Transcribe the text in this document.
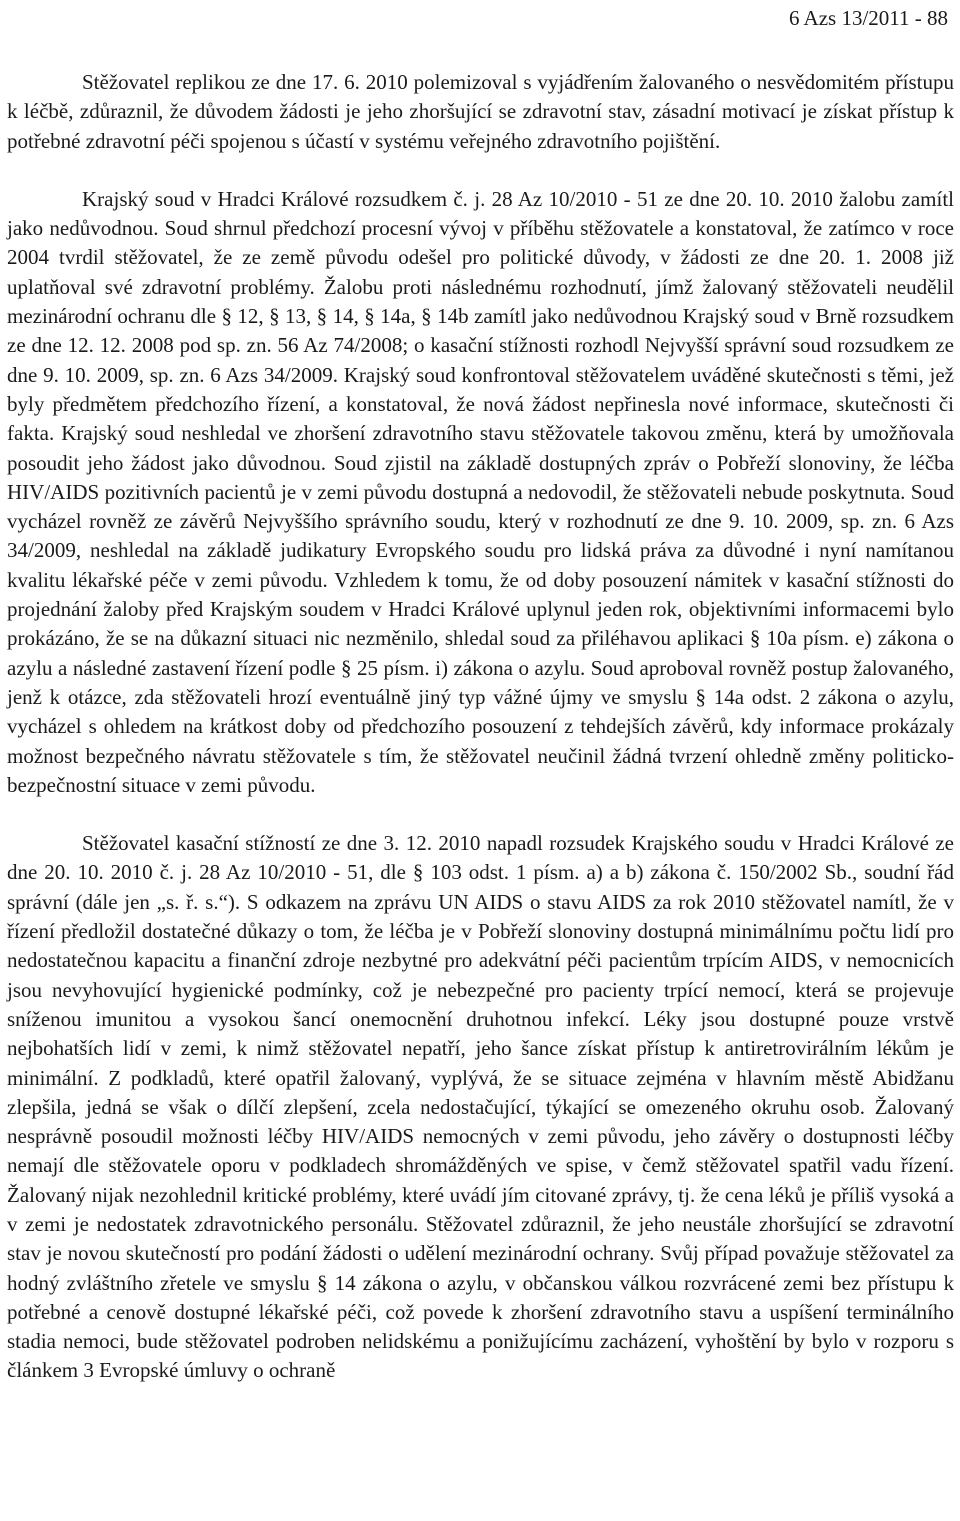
6 Azs 13/2011 - 88

Stěžovatel replikou ze dne 17. 6. 2010 polemizoval s vyjádřením žalovaného o nesvědomitém přístupu k léčbě, zdůraznil, že důvodem žádosti je jeho zhoršující se zdravotní stav, zásadní motivací je získat přístup k potřebné zdravotní péči spojenou s účastí v systému veřejného zdravotního pojištění.

Krajský soud v Hradci Králové rozsudkem č. j. 28 Az 10/2010 - 51 ze dne 20. 10. 2010 žalobu zamítl jako nedůvodnou. Soud shrnul předchozí procesní vývoj v příběhu stěžovatele a konstatoval, že zatímco v roce 2004 tvrdil stěžovatel, že ze země původu odešel pro politické důvody, v žádosti ze dne 20. 1. 2008 již uplatňoval své zdravotní problémy. Žalobu proti následnému rozhodnutí, jímž žalovaný stěžovateli neudělil mezinárodní ochranu dle § 12, § 13, § 14, § 14a, § 14b zamítl jako nedůvodnou Krajský soud v Brně rozsudkem ze dne 12. 12. 2008 pod sp. zn. 56 Az 74/2008; o kasační stížnosti rozhodl Nejvyšší správní soud rozsudkem ze dne 9. 10. 2009, sp. zn. 6 Azs 34/2009. Krajský soud konfrontoval stěžovatelem uváděné skutečnosti s těmi, jež byly předmětem předchozího řízení, a konstatoval, že nová žádost nepřinesla nové informace, skutečnosti či fakta. Krajský soud neshledal ve zhoršení zdravotního stavu stěžovatele takovou změnu, která by umožňovala posoudit jeho žádost jako důvodnou. Soud zjistil na základě dostupných zpráv o Pobřeží slonoviny, že léčba HIV/AIDS pozitivních pacientů je v zemi původu dostupná a nedovodil, že stěžovateli nebude poskytnuta. Soud vycházel rovněž ze závěrů Nejvyššího správního soudu, který v rozhodnutí ze dne 9. 10. 2009, sp. zn. 6 Azs 34/2009, neshledal na základě judikatury Evropského soudu pro lidská práva za důvodné i nyní namítanou kvalitu lékařské péče v zemi původu. Vzhledem k tomu, že od doby posouzení námitek v kasační stížnosti do projednání žaloby před Krajským soudem v Hradci Králové uplynul jeden rok, objektivními informacemi bylo prokázáno, že se na důkazní situaci nic nezměnilo, shledal soud za přiléhavou aplikaci § 10a písm. e) zákona o azylu a následné zastavení řízení podle § 25 písm. i) zákona o azylu. Soud aproboval rovněž postup žalovaného, jenž k otázce, zda stěžovateli hrozí eventuálně jiný typ vážné újmy ve smyslu § 14a odst. 2 zákona o azylu, vycházel s ohledem na krátkost doby od předchozího posouzení z tehdejších závěrů, kdy informace prokázaly možnost bezpečného návratu stěžovatele s tím, že stěžovatel neučinil žádná tvrzení ohledně změny politicko-bezpečnostní situace v zemi původu.

Stěžovatel kasační stížností ze dne 3. 12. 2010 napadl rozsudek Krajského soudu v Hradci Králové ze dne 20. 10. 2010 č. j. 28 Az 10/2010 - 51, dle § 103 odst. 1 písm. a) a b) zákona č. 150/2002 Sb., soudní řád správní (dále jen „s. ř. s.“). S odkazem na zprávu UN AIDS o stavu AIDS za rok 2010 stěžovatel namítl, že v řízení předložil dostatečné důkazy o tom, že léčba je v Pobřeží slonoviny dostupná minimálnímu počtu lidí pro nedostatečnou kapacitu a finanční zdroje nezbytné pro adekvátní péči pacientům trpícím AIDS, v nemocnicích jsou nevyhovující hygienické podmínky, což je nebezpečné pro pacienty trpící nemocí, která se projevuje sníženou imunitou a vysokou šancí onemocnění druhotnou infekcí. Léky jsou dostupné pouze vrstvě nejbohatších lidí v zemi, k nimž stěžovatel nepatří, jeho šance získat přístup k antiretrovirálním lékům je minimální. Z podkladů, které opatřil žalovaný, vyplývá, že se situace zejména v hlavním městě Abidžanu zlepšila, jedná se však o dílčí zlepšení, zcela nedostačující, týkající se omezeného okruhu osob. Žalovaný nesprávně posoudil možnosti léčby HIV/AIDS nemocných v zemi původu, jeho závěry o dostupnosti léčby nemají dle stěžovatele oporu v podkladech shromážděných ve spise, v čemž stěžovatel spatřil vadu řízení. Žalovaný nijak nezohlednil kritické problémy, které uvádí jím citované zprávy, tj. že cena léků je příliš vysoká a v zemi je nedostatek zdravotnického personálu. Stěžovatel zdůraznil, že jeho neustále zhoršující se zdravotní stav je novou skutečností pro podání žádosti o udělení mezinárodní ochrany. Svůj případ považuje stěžovatel za hodný zvláštního zřetele ve smyslu § 14 zákona o azylu, v občanskou válkou rozvrácené zemi bez přístupu k potřebné a cenově dostupné lékařské péči, což povede k zhoršení zdravotního stavu a uspíšení terminálního stadia nemoci, bude stěžovatel podroben nelidskému a ponižujícímu zacházení, vyhoštění by bylo v rozporu s článkem 3 Evropské úmluvy o ochraně
